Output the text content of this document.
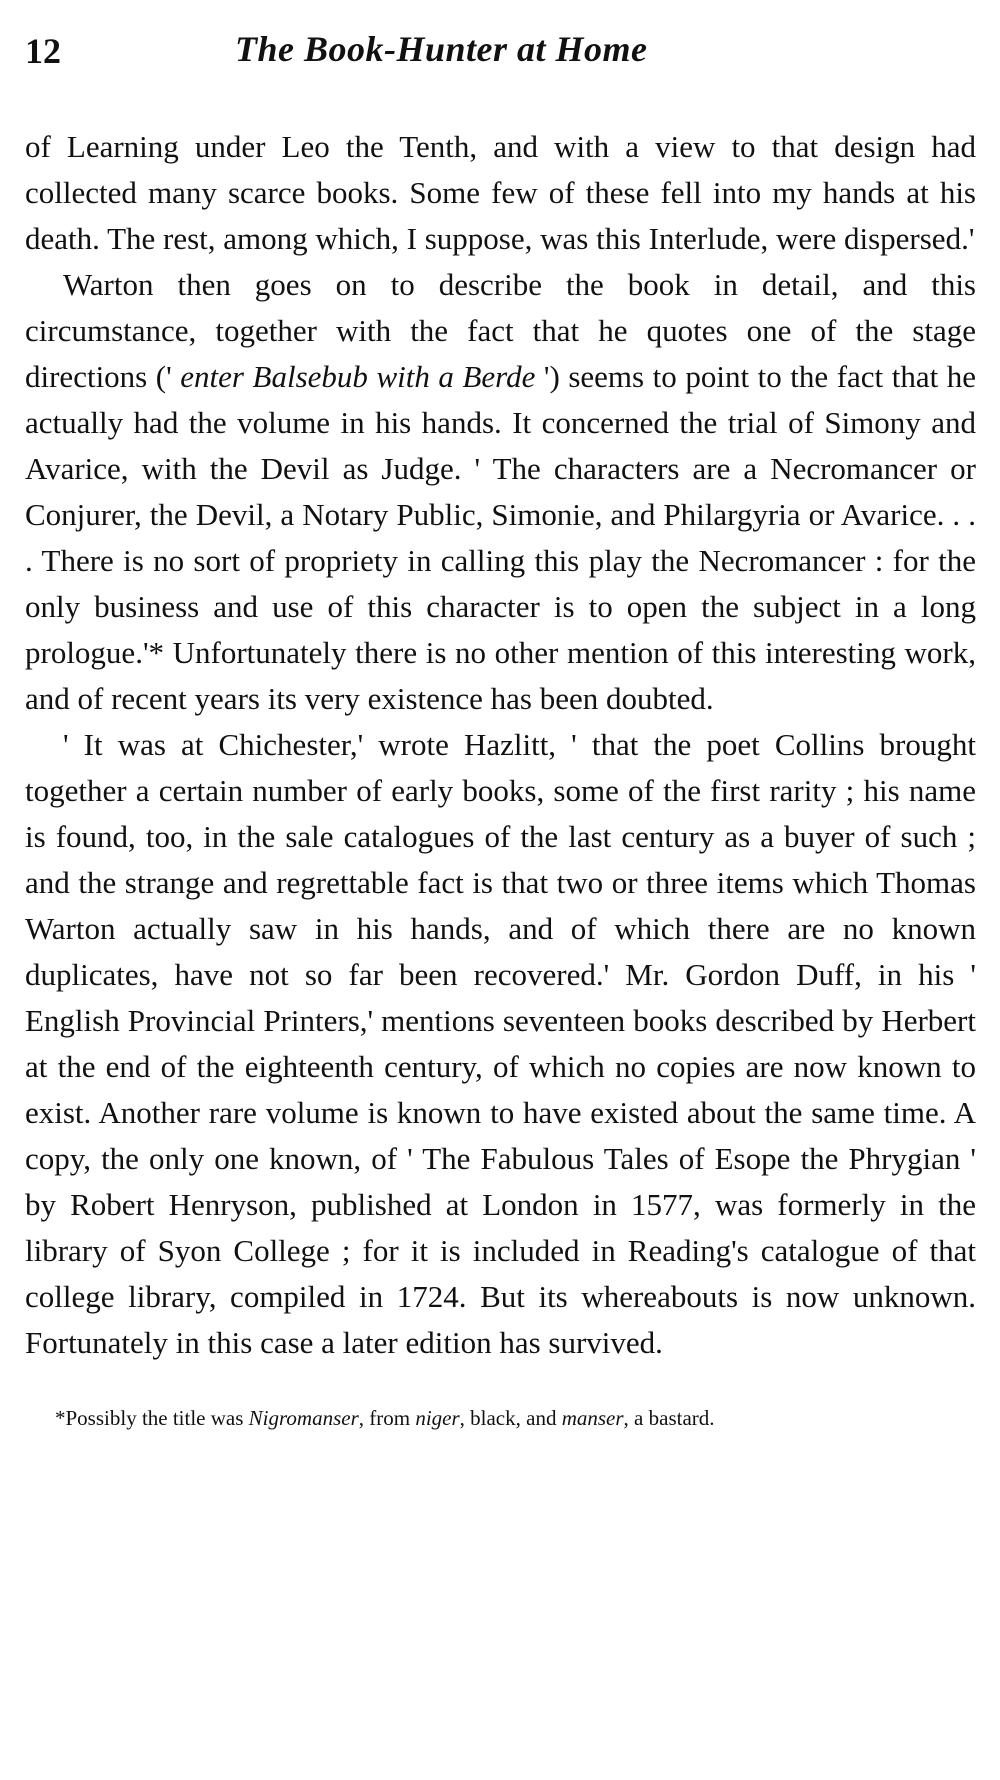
12	The Book-Hunter at Home

of Learning under Leo the Tenth, and with a view to that design had collected many scarce books. Some few of these fell into my hands at his death. The rest, among which, I suppose, was this Interlude, were dispersed.'

Warton then goes on to describe the book in detail, and this circumstance, together with the fact that he quotes one of the stage directions (' enter Balsebub with a Berde ') seems to point to the fact that he actually had the volume in his hands. It concerned the trial of Simony and Avarice, with the Devil as Judge. ' The characters are a Necromancer or Conjurer, the Devil, a Notary Public, Simonie, and Philargyria or Avarice. . . . There is no sort of propriety in calling this play the Necromancer : for the only business and use of this character is to open the subject in a long prologue.'* Unfortunately there is no other mention of this interesting work, and of recent years its very existence has been doubted.

' It was at Chichester,' wrote Hazlitt, ' that the poet Collins brought together a certain number of early books, some of the first rarity ; his name is found, too, in the sale catalogues of the last century as a buyer of such ; and the strange and regrettable fact is that two or three items which Thomas Warton actually saw in his hands, and of which there are no known duplicates, have not so far been recovered.' Mr. Gordon Duff, in his ' English Provincial Printers,' mentions seventeen books described by Herbert at the end of the eighteenth century, of which no copies are now known to exist. Another rare volume is known to have existed about the same time. A copy, the only one known, of ' The Fabulous Tales of Esope the Phrygian ' by Robert Henryson, published at London in 1577, was formerly in the library of Syon College ; for it is included in Reading's catalogue of that college library, compiled in 1724. But its whereabouts is now unknown. Fortunately in this case a later edition has survived.

*Possibly the title was Nigromanser, from niger, black, and manser, a bastard.
